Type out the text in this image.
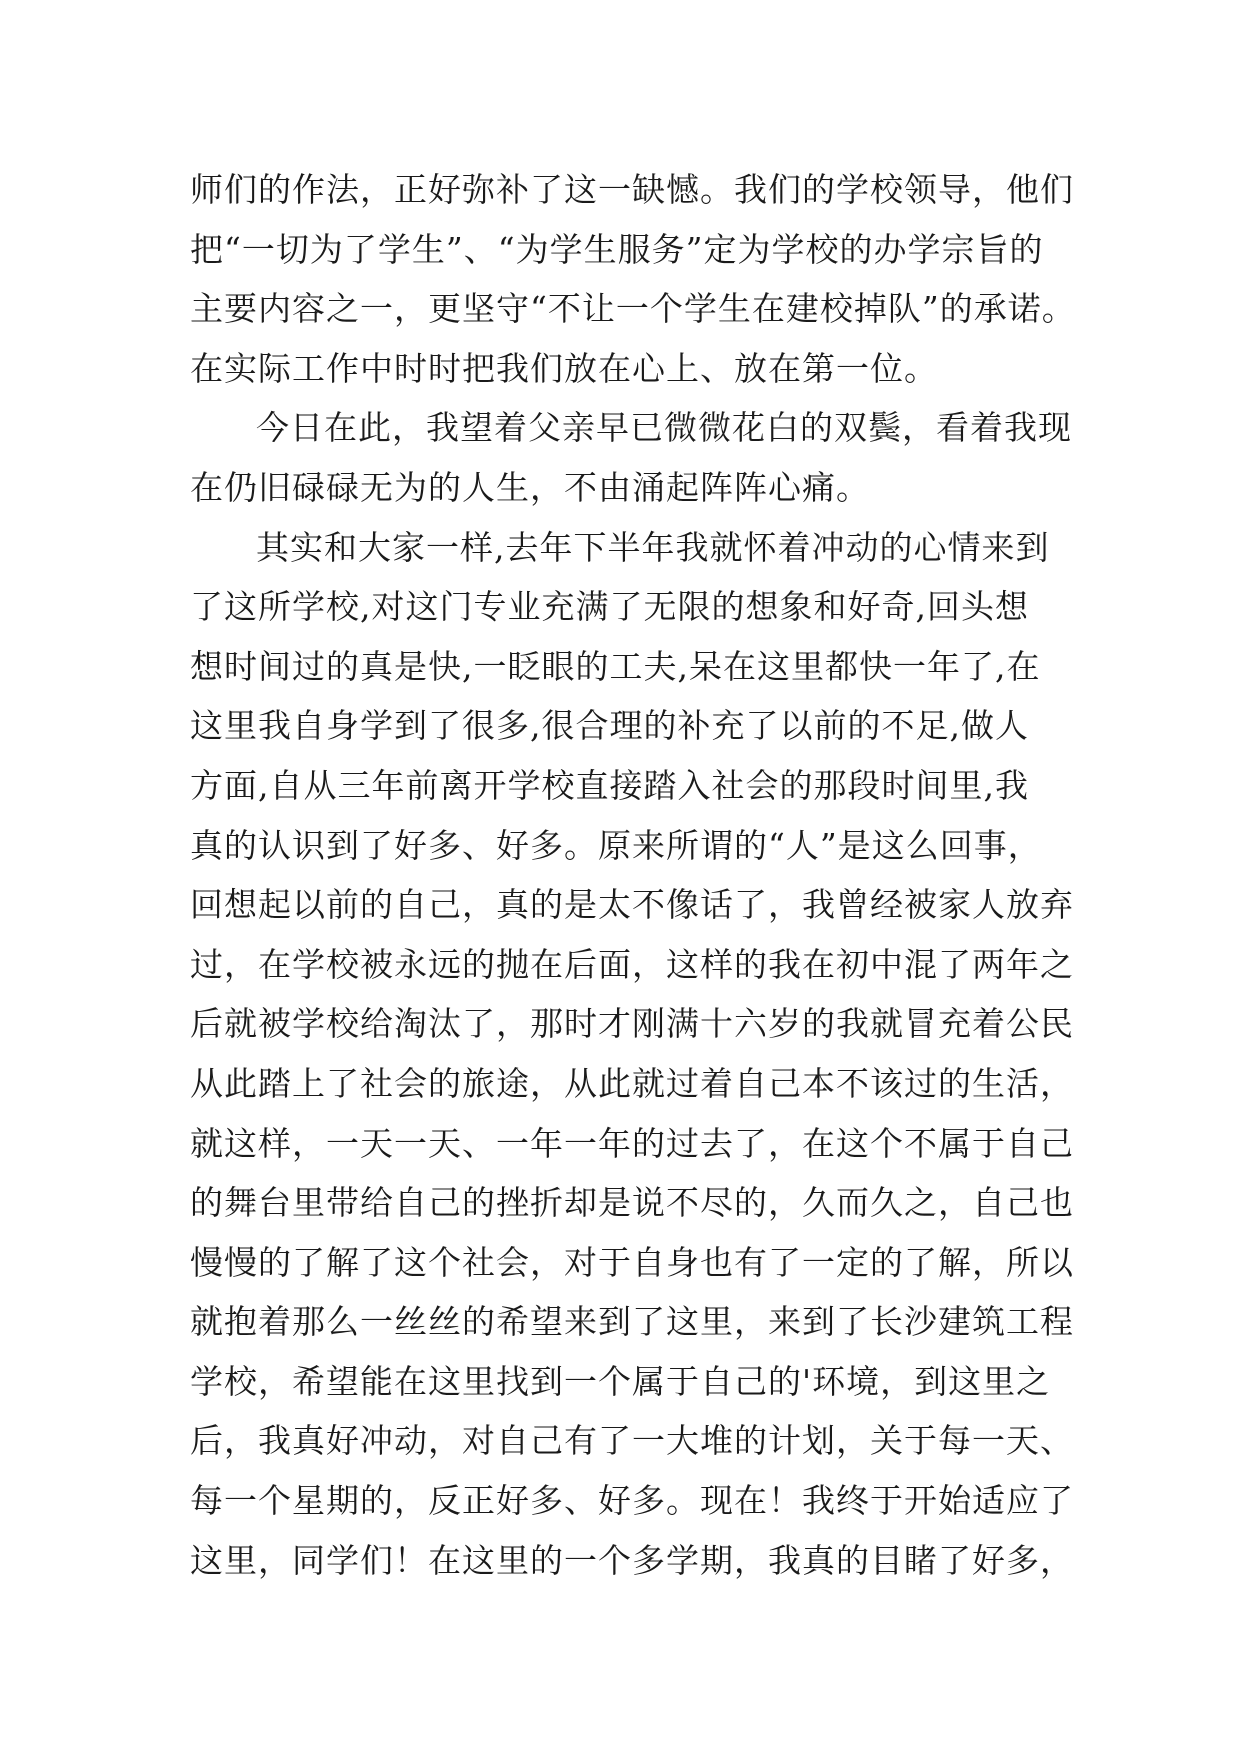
师们的作法，正好弥补了这一缺憾。我们的学校领导，他们
把“一切为了学生”、“为学生服务”定为学校的办学宗旨的
主要内容之一，更坚守“不让一个学生在建校掉队”的承诺。
在实际工作中时时把我们放在心上、放在第一位。
今日在此，我望着父亲早已微微花白的双鬓，看着我现
在仍旧碌碌无为的人生，不由涌起阵阵心痛。
其实和大家一样,去年下半年我就怀着冲动的心情来到
了这所学校,对这门专业充满了无限的想象和好奇,回头想
想时间过的真是快,一眨眼的工夫,呆在这里都快一年了,在
这里我自身学到了很多,很合理的补充了以前的不足,做人
方面,自从三年前离开学校直接踏入社会的那段时间里,我
真的认识到了好多、好多。原来所谓的“人”是这么回事，
回想起以前的自己，真的是太不像话了，我曾经被家人放弃
过，在学校被永远的抛在后面，这样的我在初中混了两年之
后就被学校给淘汰了，那时才刚满十六岁的我就冒充着公民
从此踏上了社会的旅途，从此就过着自己本不该过的生活，
就这样，一天一天、一年一年的过去了，在这个不属于自己
的舞台里带给自己的挫折却是说不尽的，久而久之，自己也
慢慢的了解了这个社会，对于自身也有了一定的了解，所以
就抱着那么一丝丝的希望来到了这里，来到了长沙建筑工程
学校，希望能在这里找到一个属于自己的'环境，到这里之
后，我真好冲动，对自己有了一大堆的计划，关于每一天、
每一个星期的，反正好多、好多。现在！我终于开始适应了
这里，同学们！在这里的一个多学期，我真的目睹了好多，
